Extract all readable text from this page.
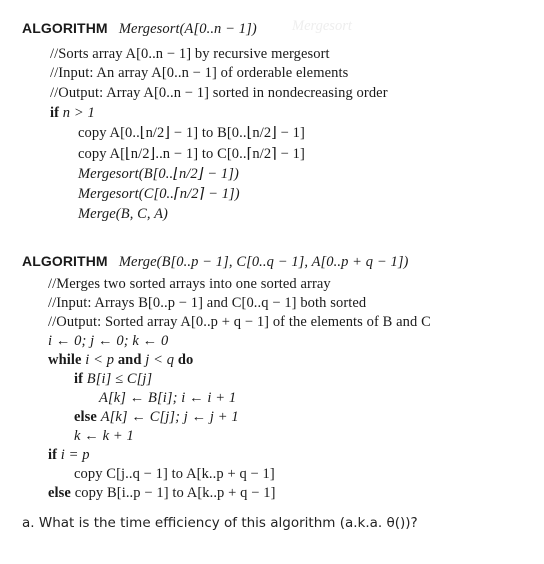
Mergesort
ALGORITHM Mergesort(A[0..n − 1])
//Sorts array A[0..n − 1] by recursive mergesort
//Input: An array A[0..n − 1] of orderable elements
//Output: Array A[0..n − 1] sorted in nondecreasing order
if n > 1
copy A[0..⌊n/2⌋ − 1] to B[0..⌊n/2⌋ − 1]
copy A[⌊n/2⌋..n − 1] to C[0..⌈n/2⌉ − 1]
Mergesort(B[0..⌊n/2⌋ − 1])
Mergesort(C[0..⌈n/2⌉ − 1])
Merge(B, C, A)
ALGORITHM Merge(B[0..p − 1], C[0..q − 1], A[0..p + q − 1])
//Merges two sorted arrays into one sorted array
//Input: Arrays B[0..p − 1] and C[0..q − 1] both sorted
//Output: Sorted array A[0..p + q − 1] of the elements of B and C
i ← 0; j ← 0; k ← 0
while i < p and j < q do
if B[i] ≤ C[j]
A[k] ← B[i]; i ← i + 1
else A[k] ← C[j]; j ← j + 1
k ← k + 1
if i = p
copy C[j..q − 1] to A[k..p + q − 1]
else copy B[i..p − 1] to A[k..p + q − 1]
a. What is the time efficiency of this algorithm (a.k.a. θ())?
